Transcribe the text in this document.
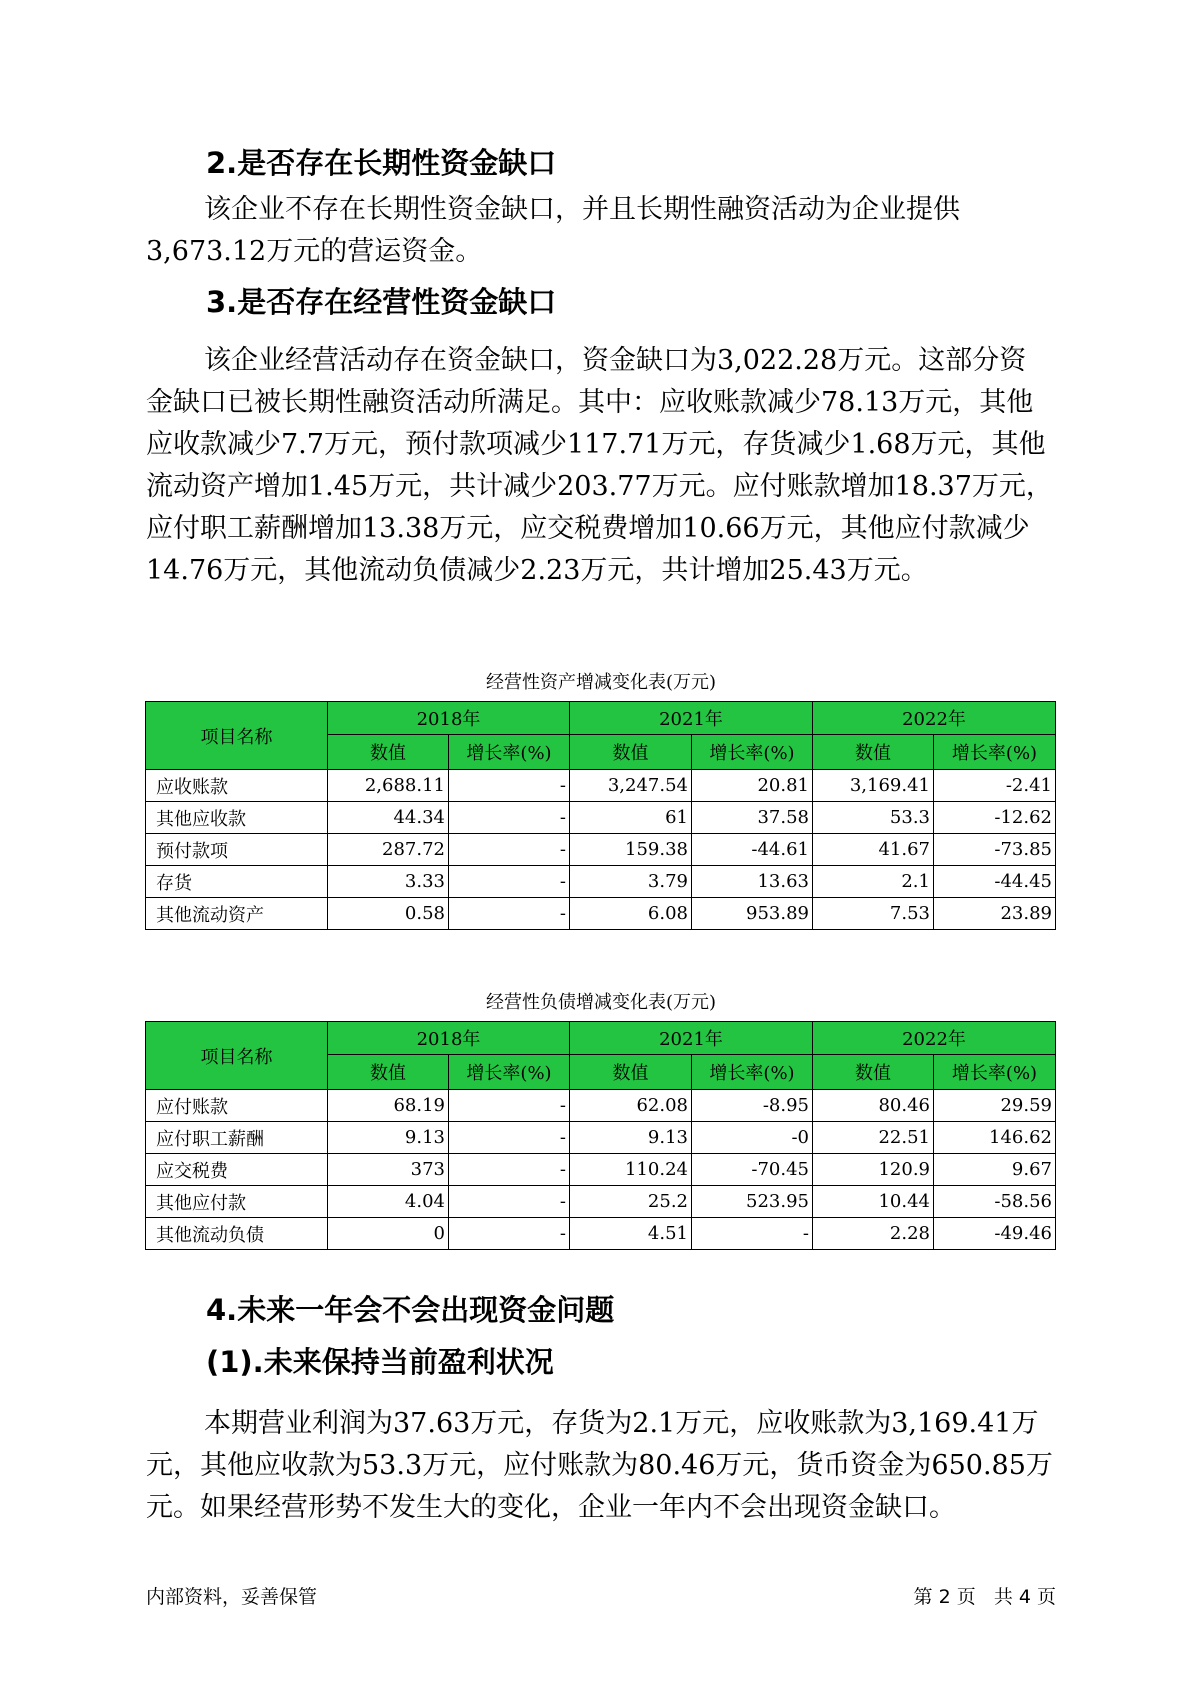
2.是否存在长期性资金缺口
该企业不存在长期性资金缺口，并且长期性融资活动为企业提供
3,673.12万元的营运资金。
3.是否存在经营性资金缺口
该企业经营活动存在资金缺口，资金缺口为3,022.28万元。这部分资
金缺口已被长期性融资活动所满足。其中：应收账款减少78.13万元，其他
应收款减少7.7万元，预付款项减少117.71万元，存货减少1.68万元，其他
流动资产增加1.45万元，共计减少203.77万元。应付账款增加18.37万元，
应付职工薪酬增加13.38万元，应交税费增加10.66万元，其他应付款减少
14.76万元，其他流动负债减少2.23万元，共计增加25.43万元。
经营性资产增减变化表(万元)
项目名称	2018年		2021年		2022年	
	数值	增长率(%)	数值	增长率(%)	数值	增长率(%)
应收账款	2,688.11	-	3,247.54	20.81	3,169.41	-2.41
其他应收款	44.34	-	61	37.58	53.3	-12.62
预付款项	287.72	-	159.38	-44.61	41.67	-73.85
存货	3.33	-	3.79	13.63	2.1	-44.45
其他流动资产	0.58	-	6.08	953.89	7.53	23.89
经营性负债增减变化表(万元)
项目名称	2018年		2021年		2022年	
	数值	增长率(%)	数值	增长率(%)	数值	增长率(%)
应付账款	68.19	-	62.08	-8.95	80.46	29.59
应付职工薪酬	9.13	-	9.13	-0	22.51	146.62
应交税费	373	-	110.24	-70.45	120.9	9.67
其他应付款	4.04	-	25.2	523.95	10.44	-58.56
其他流动负债	0	-	4.51	-	2.28	-49.46
4.未来一年会不会出现资金问题
(1).未来保持当前盈利状况
本期营业利润为37.63万元，存货为2.1万元，应收账款为3,169.41万
元，其他应收款为53.3万元，应付账款为80.46万元，货币资金为650.85万
元。如果经营形势不发生大的变化，企业一年内不会出现资金缺口。
内部资料，妥善保管	第 2 页   共 4 页
